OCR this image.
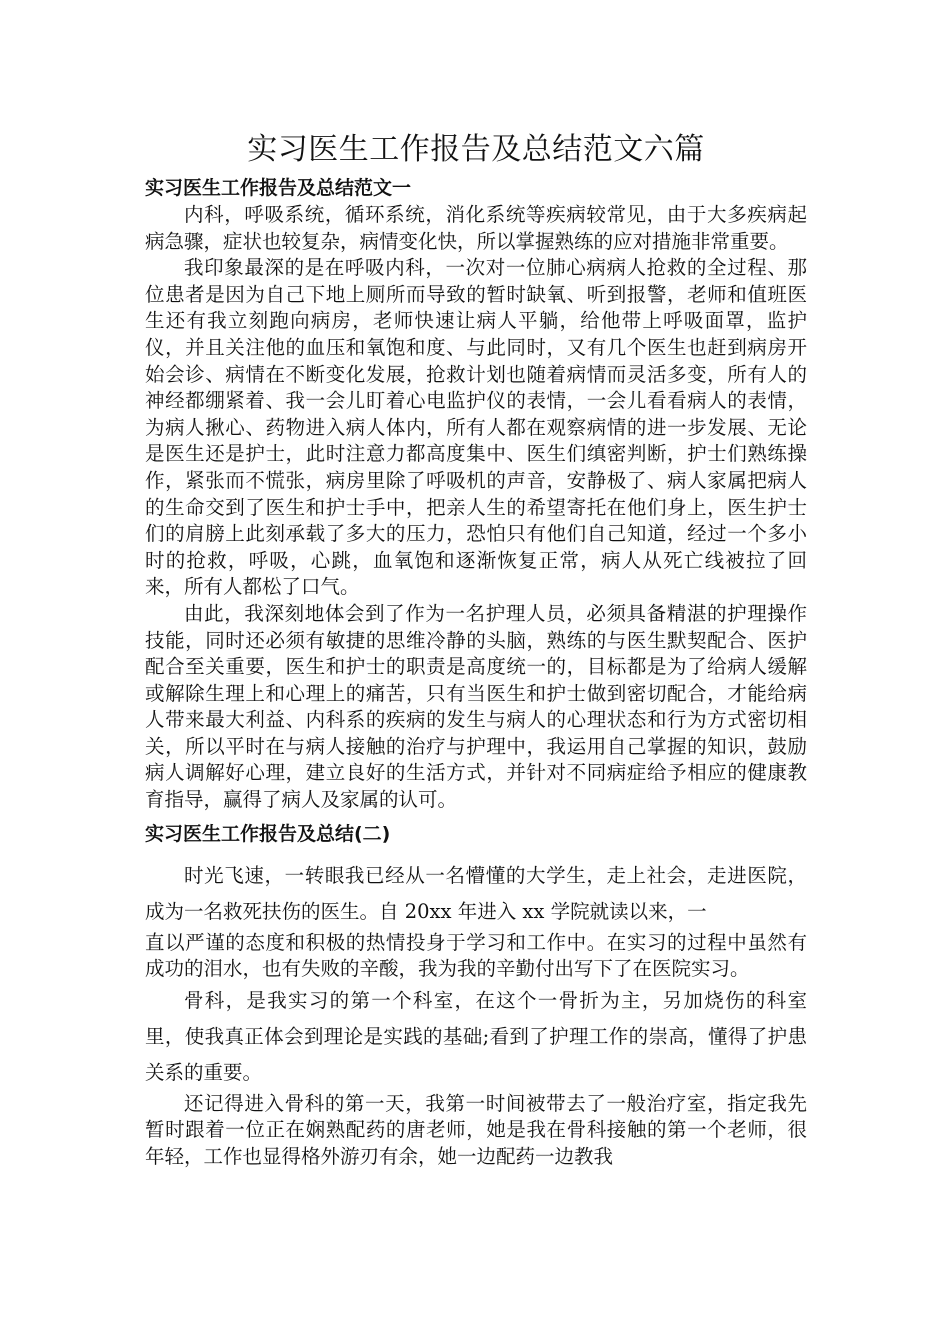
实习医生工作报告及总结范文六篇
实习医生工作报告及总结范文一

内科，呼吸系统，循环系统，消化系统等疾病较常见，由于大多疾病起病急骤，症状也较复杂，病情变化快，所以掌握熟练的应对措施非常重要。

我印象最深的是在呼吸内科，一次对一位肺心病病人抢救的全过程、那位患者是因为自己下地上厕所而导致的暂时缺氧、听到报警，老师和值班医生还有我立刻跑向病房，老师快速让病人平躺，给他带上呼吸面罩，监护仪，并且关注他的血压和氧饱和度、与此同时，又有几个医生也赶到病房开始会诊、病情在不断变化发展，抢救计划也随着病情而灵活多变，所有人的神经都绷紧着、我一会儿盯着心电监护仪的表情，一会儿看看病人的表情，为病人揪心、药物进入病人体内，所有人都在观察病情的进一步发展、无论是医生还是护士，此时注意力都高度集中、医生们缜密判断，护士们熟练操作，紧张而不慌张，病房里除了呼吸机的声音，安静极了、病人家属把病人的生命交到了医生和护士手中，把亲人生的希望寄托在他们身上，医生护士们的肩膀上此刻承载了多大的压力，恐怕只有他们自己知道，经过一个多小时的抢救，呼吸，心跳，血氧饱和逐渐恢复正常，病人从死亡线被拉了回来，所有人都松了口气。

由此，我深刻地体会到了作为一名护理人员，必须具备精湛的护理操作技能，同时还必须有敏捷的思维冷静的头脑，熟练的与医生默契配合、医护配合至关重要，医生和护士的职责是高度统一的，目标都是为了给病人缓解或解除生理上和心理上的痛苦，只有当医生和护士做到密切配合，才能给病人带来最大利益、内科系的疾病的发生与病人的心理状态和行为方式密切相关，所以平时在与病人接触的治疗与护理中，我运用自己掌握的知识，鼓励病人调解好心理，建立良好的生活方式，并针对不同病症给予相应的健康教育指导，赢得了病人及家属的认可。

实习医生工作报告及总结(二)

时光飞速，一转眼我已经从一名懵懂的大学生，走上社会，走进医院，成为一名救死扶伤的医生。自 20xx 年进入 xx 学院就读以来，一

直以严谨的态度和积极的热情投身于学习和工作中。在实习的过程中虽然有成功的泪水，也有失败的辛酸，我为我的辛勤付出写下了在医院实习。

骨科，是我实习的第一个科室，在这个一骨折为主，另加烧伤的科室里，使我真正体会到理论是实践的基础;看到了护理工作的崇高，懂得了护患关系的重要。

还记得进入骨科的第一天，我第一时间被带去了一般治疗室，指定我先暂时跟着一位正在娴熟配药的唐老师，她是我在骨科接触的第一个老师，很年轻，工作也显得格外游刃有余，她一边配药一边教我
